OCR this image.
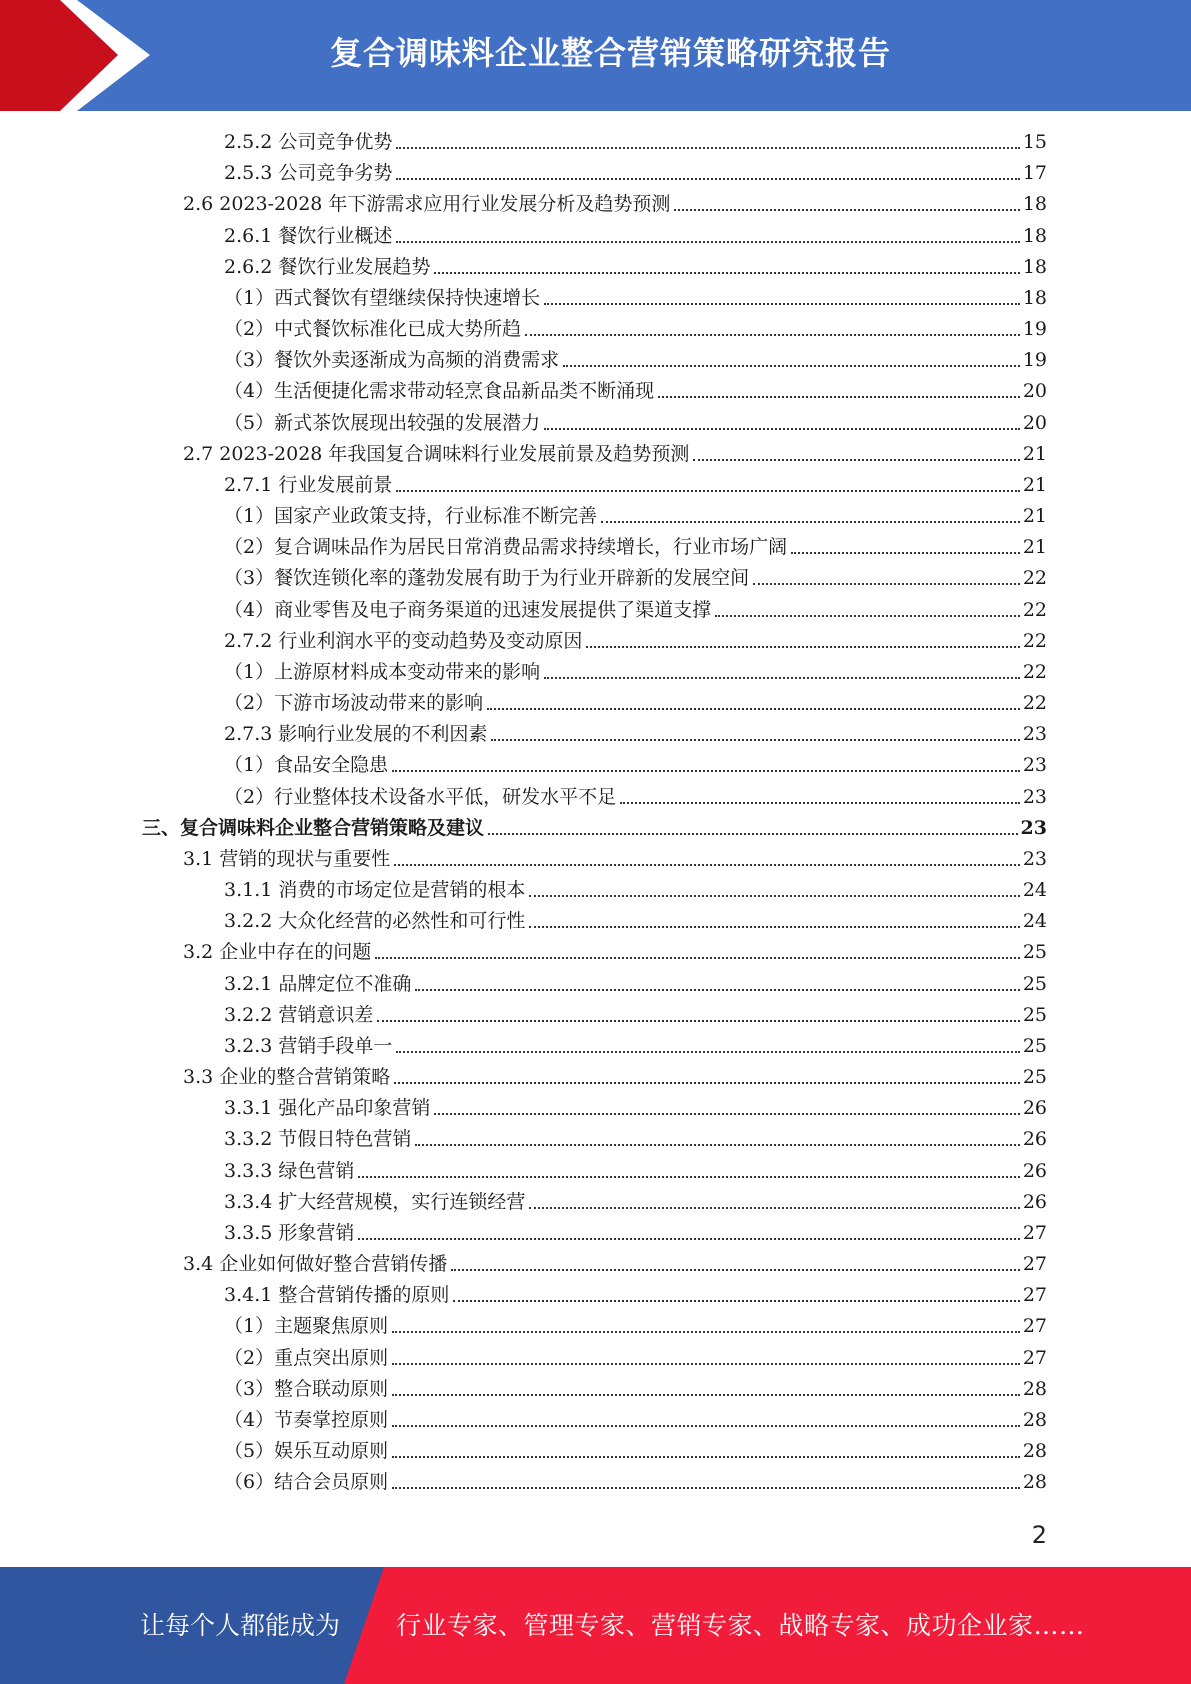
复合调味料企业整合营销策略研究报告
2.5.2 公司竞争优势	15
2.5.3 公司竞争劣势	17
2.6 2023-2028 年下游需求应用行业发展分析及趋势预测	18
2.6.1 餐饮行业概述	18
2.6.2 餐饮行业发展趋势	18
（1）西式餐饮有望继续保持快速增长	18
（2）中式餐饮标准化已成大势所趋	19
（3）餐饮外卖逐渐成为高频的消费需求	19
（4）生活便捷化需求带动轻烹食品新品类不断涌现	20
（5）新式茶饮展现出较强的发展潜力	20
2.7 2023-2028 年我国复合调味料行业发展前景及趋势预测	21
2.7.1 行业发展前景	21
（1）国家产业政策支持，行业标准不断完善	21
（2）复合调味品作为居民日常消费品需求持续增长，行业市场广阔	21
（3）餐饮连锁化率的蓬勃发展有助于为行业开辟新的发展空间	22
（4）商业零售及电子商务渠道的迅速发展提供了渠道支撑	22
2.7.2 行业利润水平的变动趋势及变动原因	22
（1）上游原材料成本变动带来的影响	22
（2）下游市场波动带来的影响	22
2.7.3 影响行业发展的不利因素	23
（1）食品安全隐患	23
（2）行业整体技术设备水平低，研发水平不足	23
三、复合调味料企业整合营销策略及建议	23
3.1 营销的现状与重要性	23
3.1.1 消费的市场定位是营销的根本	24
3.2.2 大众化经营的必然性和可行性	24
3.2 企业中存在的问题	25
3.2.1 品牌定位不准确	25
3.2.2 营销意识差	25
3.2.3 营销手段单一	25
3.3 企业的整合营销策略	25
3.3.1 强化产品印象营销	26
3.3.2 节假日特色营销	26
3.3.3 绿色营销	26
3.3.4 扩大经营规模，实行连锁经营	26
3.3.5 形象营销	27
3.4 企业如何做好整合营销传播	27
3.4.1 整合营销传播的原则	27
（1）主题聚焦原则	27
（2）重点突出原则	27
（3）整合联动原则	28
（4）节奏掌控原则	28
（5）娱乐互动原则	28
（6）结合会员原则	28
2
让每个人都能成为 行业专家、管理专家、营销专家、战略专家、成功企业家……
